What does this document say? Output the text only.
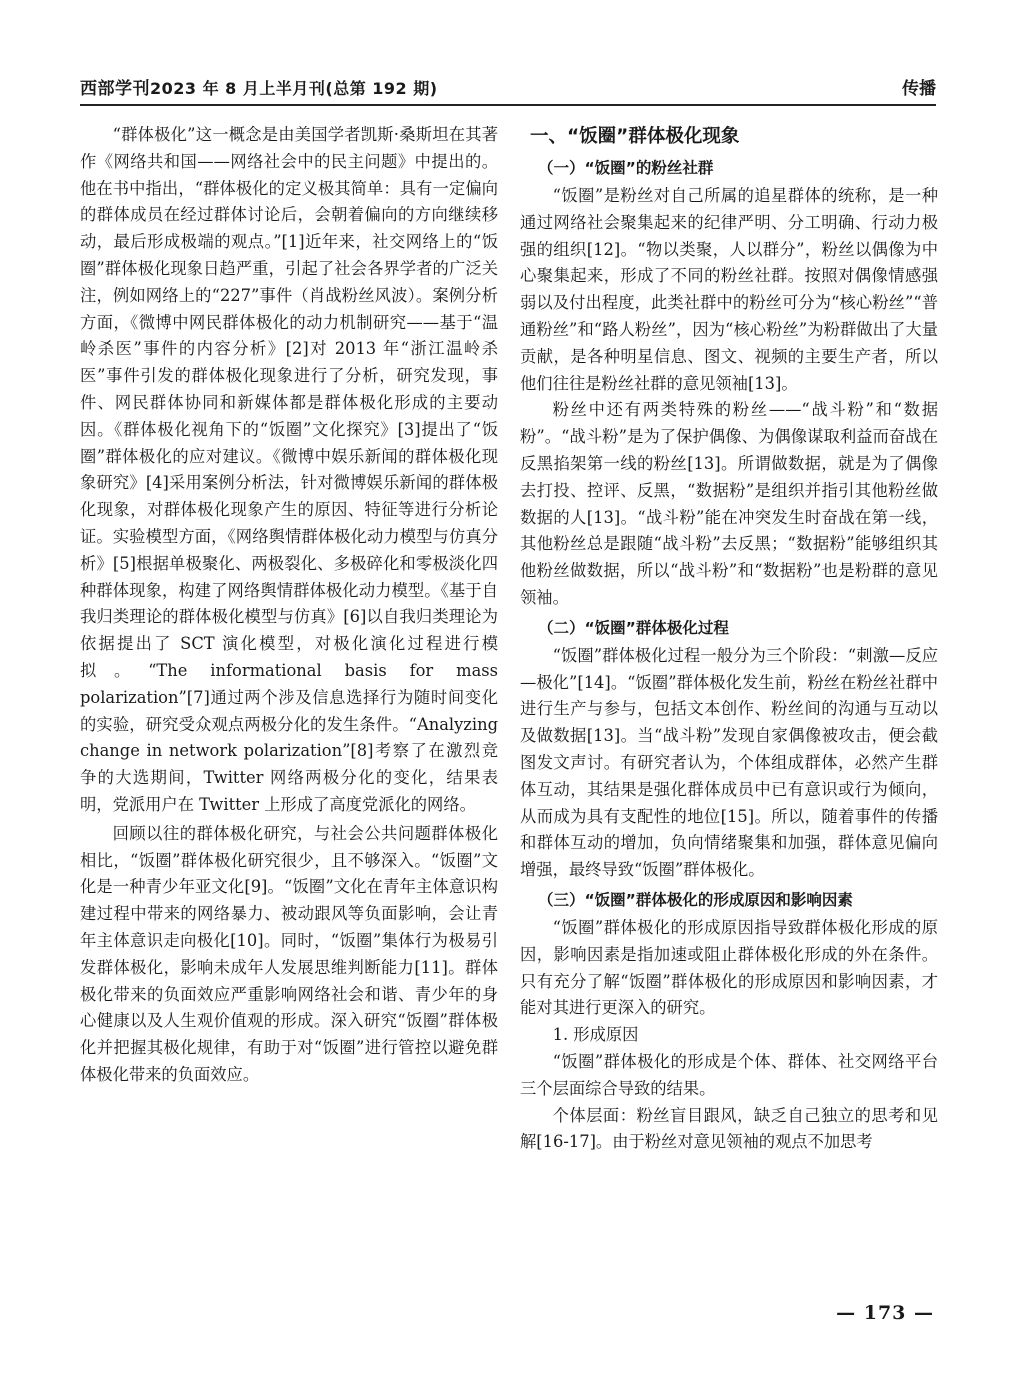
西部学刊2023 年 8 月上半月刊(总第 192 期)	传播

“群体极化”这一概念是由美国学者凯斯·桑斯坦在其著作《网络共和国——网络社会中的民主问题》中提出的。他在书中指出，“群体极化的定义极其简单：具有一定偏向的群体成员在经过群体讨论后，会朝着偏向的方向继续移动，最后形成极端的观点。”[1]近年来，社交网络上的“饭圈”群体极化现象日趋严重，引起了社会各界学者的广泛关注，例如网络上的“227”事件（肖战粉丝风波）。案例分析方面，《微博中网民群体极化的动力机制研究——基于“温岭杀医”事件的内容分析》[2]对 2013 年“浙江温岭杀医”事件引发的群体极化现象进行了分析，研究发现，事件、网民群体协同和新媒体都是群体极化形成的主要动因。《群体极化视角下的“饭圈”文化探究》[3]提出了“饭圈”群体极化的应对建议。《微博中娱乐新闻的群体极化现象研究》[4]采用案例分析法，针对微博娱乐新闻的群体极化现象，对群体极化现象产生的原因、特征等进行分析论证。实验模型方面，《网络舆情群体极化动力模型与仿真分析》[5]根据单极聚化、两极裂化、多极碎化和零极淡化四种群体现象，构建了网络舆情群体极化动力模型。《基于自我归类理论的群体极化模型与仿真》[6]以自我归类理论为依据提出了 SCT 演化模型，对极化演化过程进行模拟。“The informational basis for mass polarization”[7]通过两个涉及信息选择行为随时间变化的实验，研究受众观点两极分化的发生条件。“Analyzing change in network polarization”[8]考察了在激烈竞争的大选期间，Twitter 网络两极分化的变化，结果表明，党派用户在 Twitter 上形成了高度党派化的网络。

回顾以往的群体极化研究，与社会公共问题群体极化相比，“饭圈”群体极化研究很少，且不够深入。“饭圈”文化是一种青少年亚文化[9]。“饭圈”文化在青年主体意识构建过程中带来的网络暴力、被动跟风等负面影响，会让青年主体意识走向极化[10]。同时，“饭圈”集体行为极易引发群体极化，影响未成年人发展思维判断能力[11]。群体极化带来的负面效应严重影响网络社会和谐、青少年的身心健康以及人生观价值观的形成。深入研究“饭圈”群体极化并把握其极化规律，有助于对“饭圈”进行管控以避免群体极化带来的负面效应。

一、“饭圈”群体极化现象
（一）“饭圈”的粉丝社群

“饭圈”是粉丝对自己所属的追星群体的统称，是一种通过网络社会聚集起来的纪律严明、分工明确、行动力极强的组织[12]。“物以类聚，人以群分”，粉丝以偶像为中心聚集起来，形成了不同的粉丝社群。按照对偶像情感强弱以及付出程度，此类社群中的粉丝可分为“核心粉丝”“普通粉丝”和“路人粉丝”，因为“核心粉丝”为粉群做出了大量贡献，是各种明星信息、图文、视频的主要生产者，所以他们往往是粉丝社群的意见领袖[13]。

粉丝中还有两类特殊的粉丝——“战斗粉”和“数据粉”。“战斗粉”是为了保护偶像、为偶像谋取利益而奋战在反黑掐架第一线的粉丝[13]。所谓做数据，就是为了偶像去打投、控评、反黑，“数据粉”是组织并指引其他粉丝做数据的人[13]。“战斗粉”能在冲突发生时奋战在第一线，其他粉丝总是跟随“战斗粉”去反黑；“数据粉”能够组织其他粉丝做数据，所以“战斗粉”和“数据粉”也是粉群的意见领袖。

（二）“饭圈”群体极化过程

“饭圈”群体极化过程一般分为三个阶段：“刺激—反应—极化”[14]。“饭圈”群体极化发生前，粉丝在粉丝社群中进行生产与参与，包括文本创作、粉丝间的沟通与互动以及做数据[13]。当“战斗粉”发现自家偶像被攻击，便会截图发文声讨。有研究者认为，个体组成群体，必然产生群体互动，其结果是强化群体成员中已有意识或行为倾向，从而成为具有支配性的地位[15]。所以，随着事件的传播和群体互动的增加，负向情绪聚集和加强，群体意见偏向增强，最终导致“饭圈”群体极化。

（三）“饭圈”群体极化的形成原因和影响因素

“饭圈”群体极化的形成原因指导致群体极化形成的原因，影响因素是指加速或阻止群体极化形成的外在条件。只有充分了解“饭圈”群体极化的形成原因和影响因素，才能对其进行更深入的研究。

1. 形成原因

“饭圈”群体极化的形成是个体、群体、社交网络平台三个层面综合导致的结果。

个体层面：粉丝盲目跟风，缺乏自己独立的思考和见解[16-17]。由于粉丝对意见领袖的观点不加思考

— 173 —
